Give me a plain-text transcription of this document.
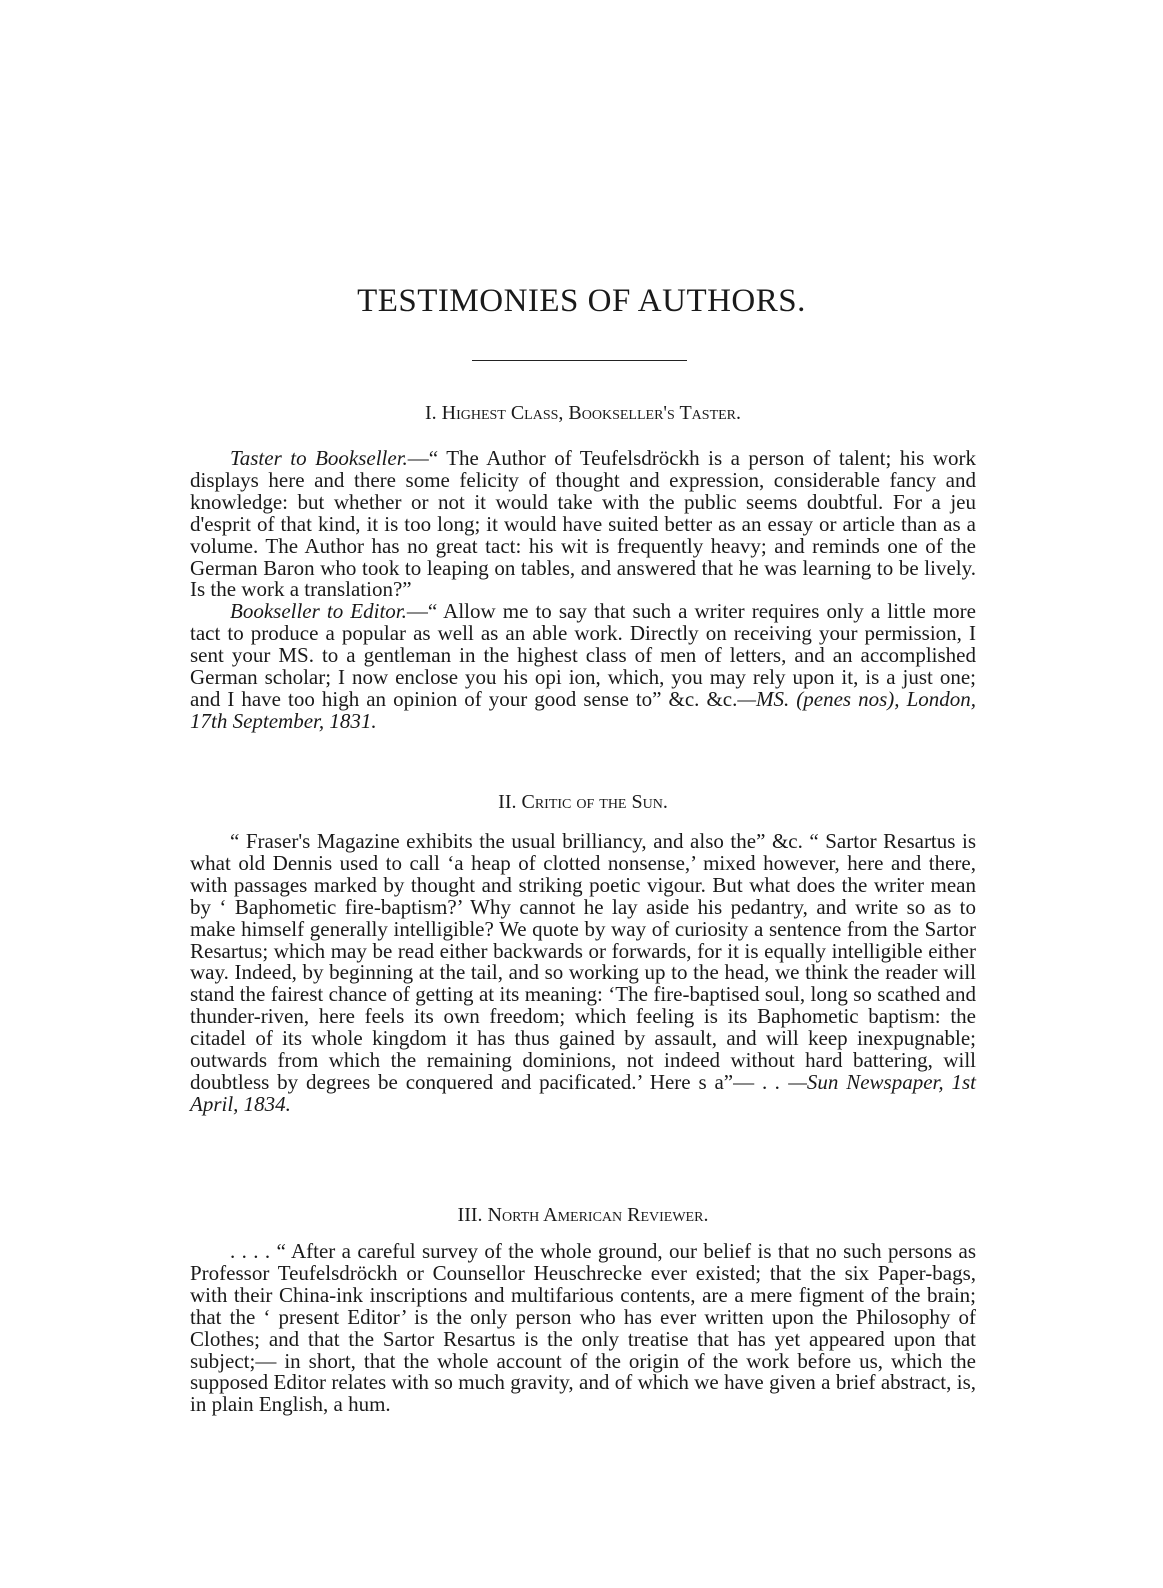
TESTIMONIES OF AUTHORS.
I. Highest Class, Bookseller's Taster.

Taster to Bookseller.—“ The Author of Teufelsdröckh is a person of talent; his work displays here and there some felicity of thought and expression, considerable fancy and knowledge: but whether or not it would take with the public seems doubtful. For a jeu d'esprit of that kind, it is too long; it would have suited better as an essay or article than as a volume. The Author has no great tact: his wit is frequently heavy; and reminds one of the German Baron who took to leaping on tables, and answered that he was learning to be lively. Is the work a translation?”

Bookseller to Editor.—“ Allow me to say that such a writer requires only a little more tact to produce a popular as well as an able work. Directly on receiving your permission, I sent your MS. to a gentleman in the highest class of men of letters, and an accomplished German scholar; I now enclose you his opi ion, which, you may rely upon it, is a just one; and I have too high an opinion of your good sense to” &c. &c.—MS. (penes nos), London, 17th September, 1831.

II. Critic of the Sun.

“ Fraser's Magazine exhibits the usual brilliancy, and also the” &c. “ Sartor Resartus is what old Dennis used to call ‘a heap of clotted nonsense,’ mixed however, here and there, with passages marked by thought and striking poetic vigour. But what does the writer mean by ‘ Baphometic fire-baptism?’ Why cannot he lay aside his pedantry, and write so as to make himself generally intelligible? We quote by way of curiosity a sentence from the Sartor Resartus; which may be read either backwards or forwards, for it is equally intelligible either way. Indeed, by beginning at the tail, and so working up to the head, we think the reader will stand the fairest chance of getting at its meaning: ‘The fire-baptised soul, long so scathed and thunder-riven, here feels its own freedom; which feeling is its Baphometic baptism: the citadel of its whole kingdom it has thus gained by assault, and will keep inexpugnable; outwards from which the remaining dominions, not indeed without hard battering, will doubtless by degrees be conquered and pacificated.’ Here s a”— . . —Sun Newspaper, 1st April, 1834.

III. North American Reviewer.

. . . . “ After a careful survey of the whole ground, our belief is that no such persons as Professor Teufelsdröckh or Counsellor Heuschrecke ever existed; that the six Paper-bags, with their China-ink inscriptions and multifarious contents, are a mere figment of the brain; that the ‘ present Editor’ is the only person who has ever written upon the Philosophy of Clothes; and that the Sartor Resartus is the only treatise that has yet appeared upon that subject;— in short, that the whole account of the origin of the work before us, which the supposed Editor relates with so much gravity, and of which we have given a brief abstract, is, in plain English, a hum.
